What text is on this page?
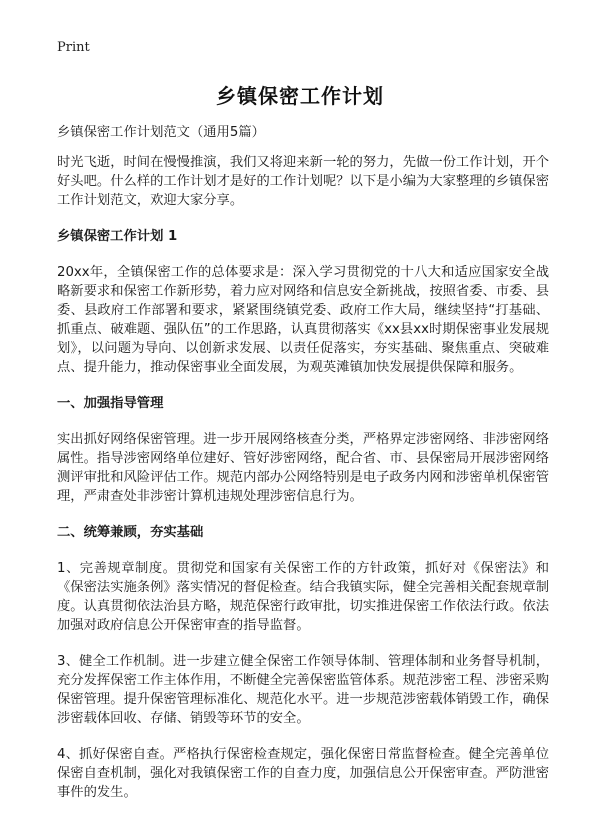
Print
乡镇保密工作计划

乡镇保密工作计划范文（通用5篇）

时光飞逝，时间在慢慢推演，我们又将迎来新一轮的努力，先做一份工作计划，开个好头吧。什么样的工作计划才是好的工作计划呢？以下是小编为大家整理的乡镇保密工作计划范文，欢迎大家分享。

乡镇保密工作计划 1

20xx年，全镇保密工作的总体要求是：深入学习贯彻党的十八大和适应国家安全战略新要求和保密工作新形势，着力应对网络和信息安全新挑战，按照省委、市委、县委、县政府工作部署和要求，紧紧围绕镇党委、政府工作大局，继续坚持“打基础、抓重点、破难题、强队伍”的工作思路，认真贯彻落实《xx县xx时期保密事业发展规划》，以问题为导向、以创新求发展、以责任促落实，夯实基础、聚焦重点、突破难点、提升能力，推动保密事业全面发展，为观英滩镇加快发展提供保障和服务。

一、加强指导管理

实出抓好网络保密管理。进一步开展网络核查分类，严格界定涉密网络、非涉密网络属性。指导涉密网络单位建好、管好涉密网络，配合省、市、县保密局开展涉密网络测评审批和风险评估工作。规范内部办公网络特别是电子政务内网和涉密单机保密管理，严肃查处非涉密计算机违规处理涉密信息行为。

二、统筹兼顾，夯实基础

1、完善规章制度。贯彻党和国家有关保密工作的方针政策，抓好对《保密法》和《保密法实施条例》落实情况的督促检查。结合我镇实际，健全完善相关配套规章制度。认真贯彻依法治县方略，规范保密行政审批，切实推进保密工作依法行政。依法加强对政府信息公开保密审查的指导监督。

3、健全工作机制。进一步建立健全保密工作领导体制、管理体制和业务督导机制，充分发挥保密工作主体作用，不断健全完善保密监管体系。规范涉密工程、涉密采购保密管理。提升保密管理标准化、规范化水平。进一步规范涉密载体销毁工作，确保涉密载体回收、存储、销毁等环节的安全。

4、抓好保密自查。严格执行保密检查规定，强化保密日常监督检查。健全完善单位保密自查机制，强化对我镇保密工作的自查力度，加强信息公开保密审查。严防泄密事件的发生。
